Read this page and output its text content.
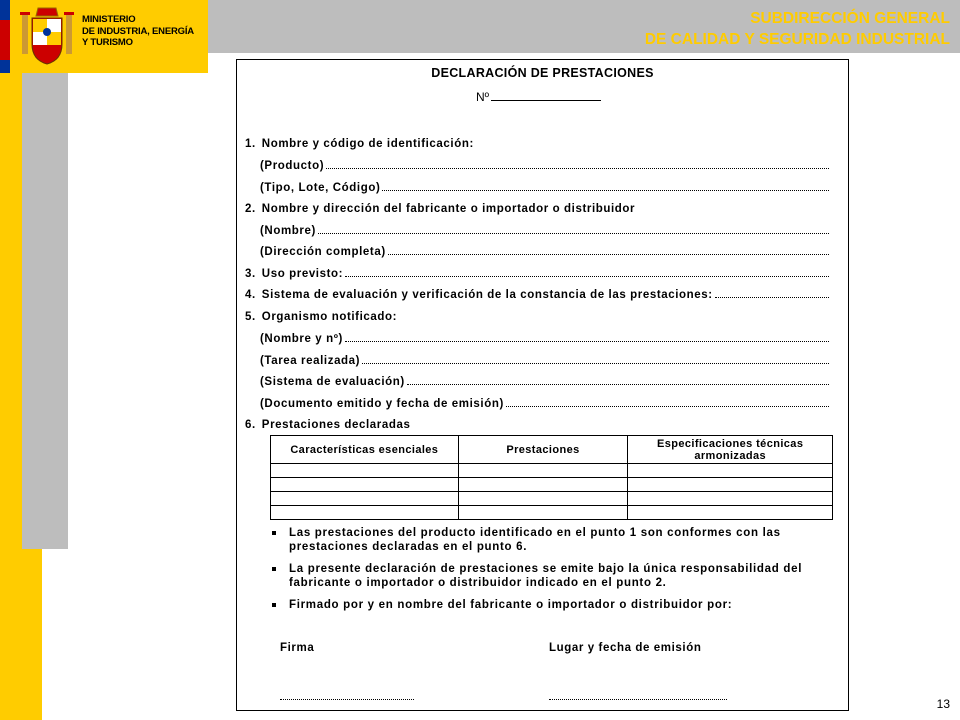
MINISTERIO
DE INDUSTRIA, ENERGÍA
Y TURISMO
SUBDIRECCIÓN GENERAL
DE CALIDAD Y SEGURIDAD INDUSTRIAL
DECLARACIÓN DE PRESTACIONES
Nº
1. Nombre y código de identificación:
(Producto)
(Tipo, Lote, Código)
2. Nombre y dirección del fabricante o importador o distribuidor
(Nombre)
(Dirección completa)
3. Uso previsto:
4. Sistema de evaluación y verificación de la constancia de las prestaciones:
5. Organismo notificado:
(Nombre y nº)
(Tarea realizada)
(Sistema de evaluación)
(Documento emitido y fecha de emisión)
6. Prestaciones declaradas
Características esenciales	Prestaciones	Especificaciones técnicas armonizadas

Las prestaciones del producto identificado en el punto 1 son conformes con las prestaciones declaradas en el punto 6.
La presente declaración de prestaciones se emite bajo la única responsabilidad del fabricante o importador o distribuidor indicado en el punto 2.
Firmado por y en nombre del fabricante o importador o distribuidor por:
Firma	Lugar y fecha de emisión
13
